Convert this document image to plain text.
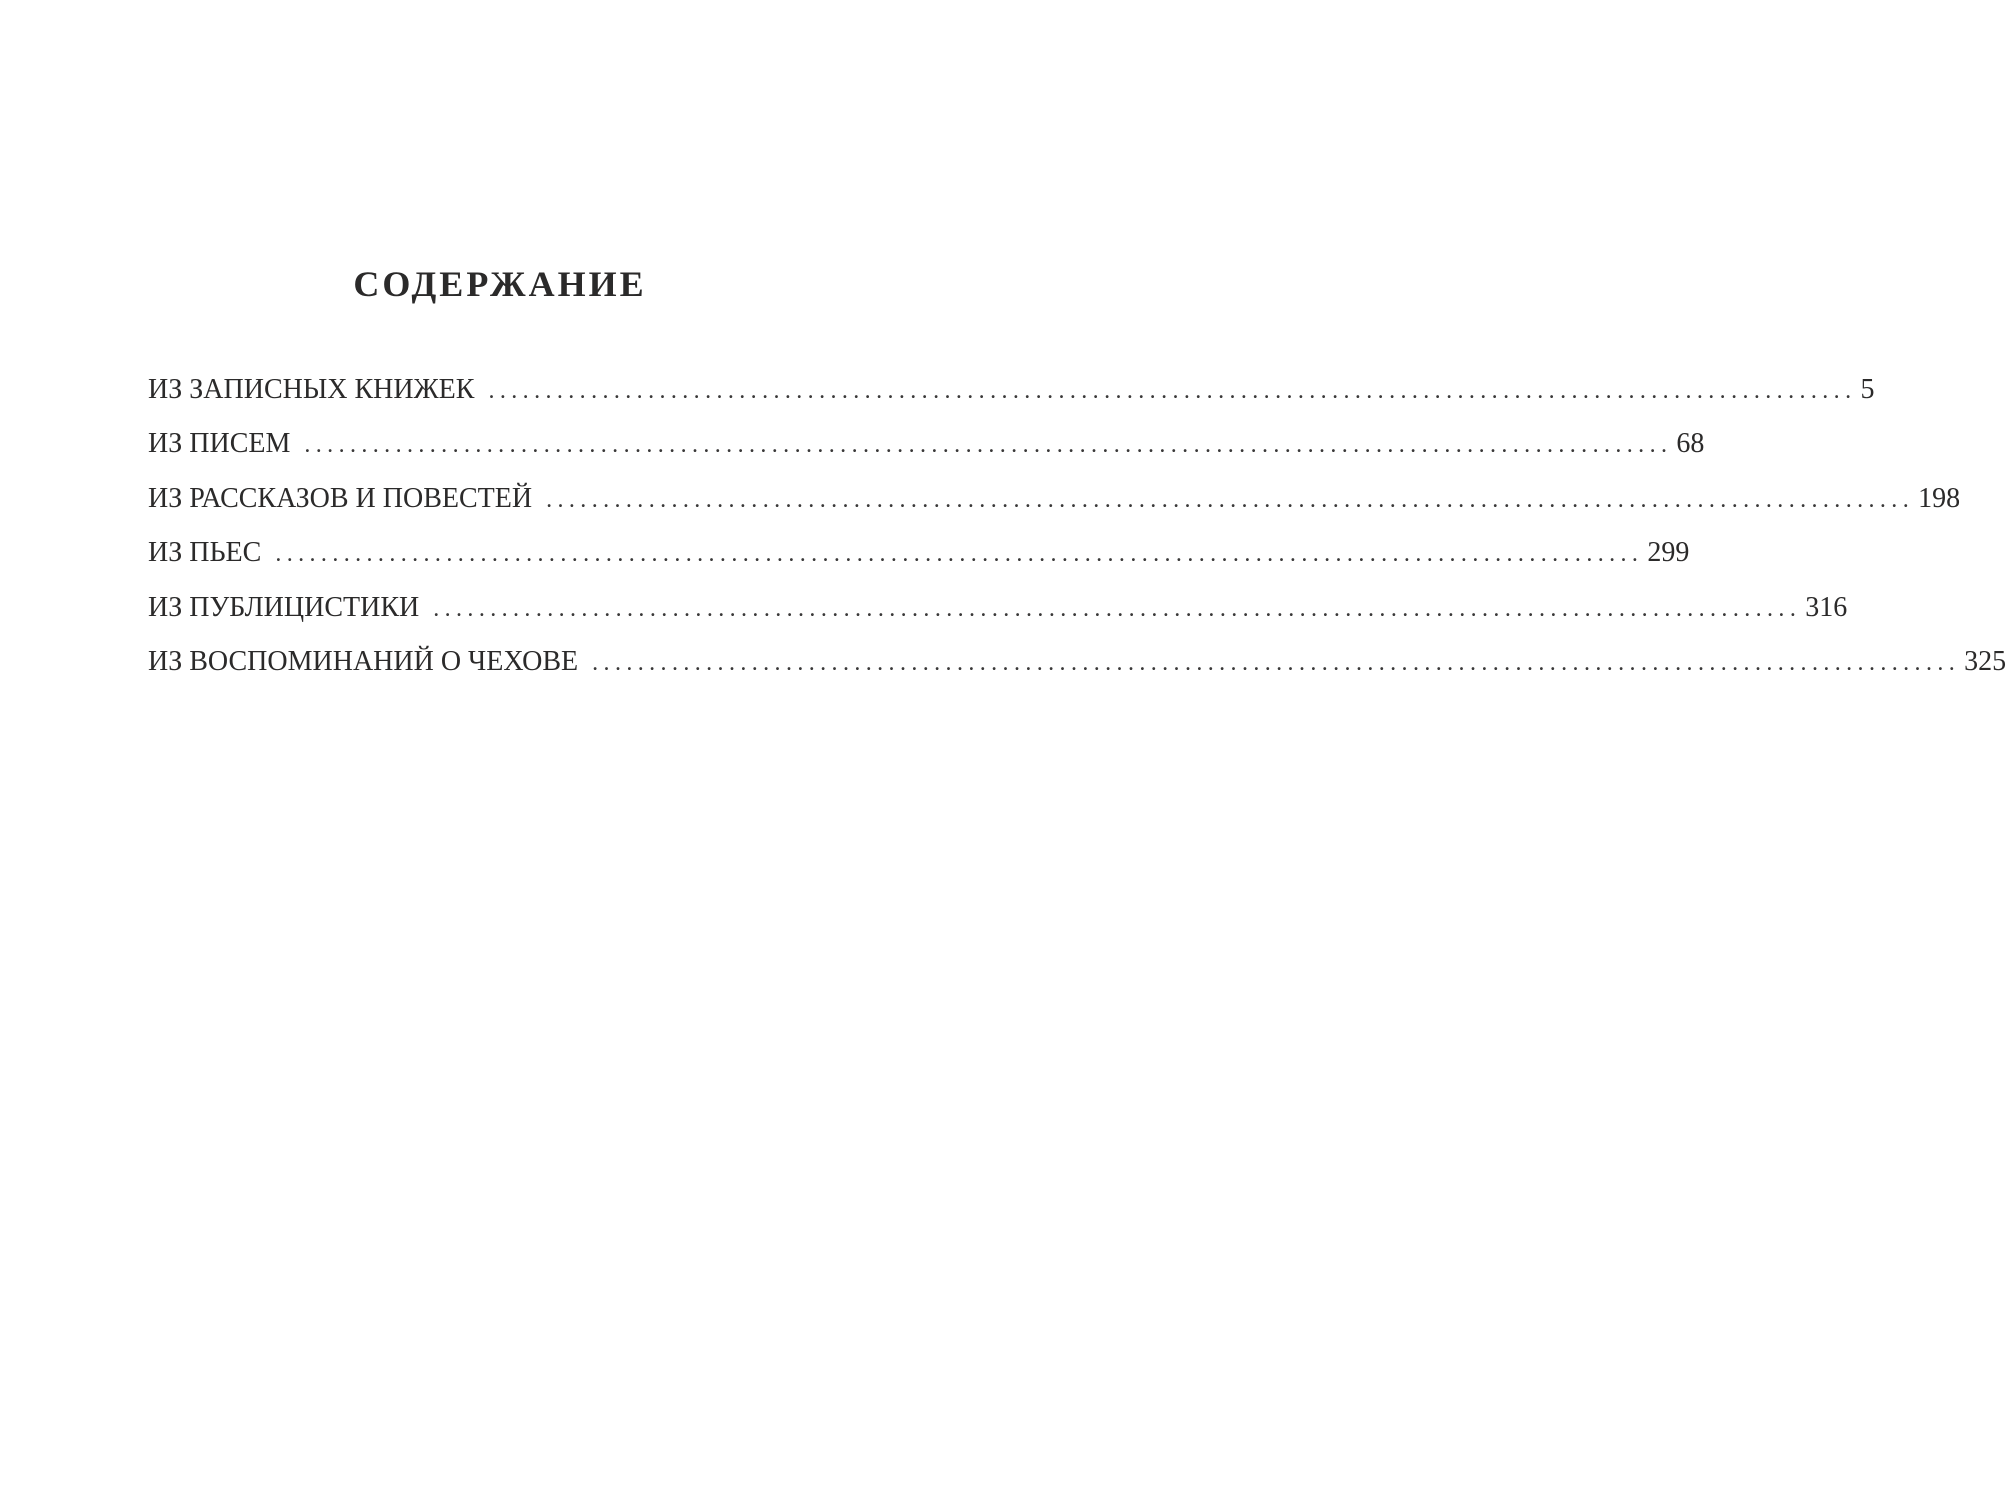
СОДЕРЖАНИЕ
ИЗ ЗАПИСНЫХ КНИЖЕК ........................................................................................................................ 5
ИЗ ПИСЕМ ........................................................................................................................ 68
ИЗ РАССКАЗОВ И ПОВЕСТЕЙ ........................................................................................................................ 198
ИЗ ПЬЕС ........................................................................................................................ 299
ИЗ ПУБЛИЦИСТИКИ ........................................................................................................................ 316
ИЗ ВОСПОМИНАНИЙ О ЧЕХОВЕ ........................................................................................................................ 325
